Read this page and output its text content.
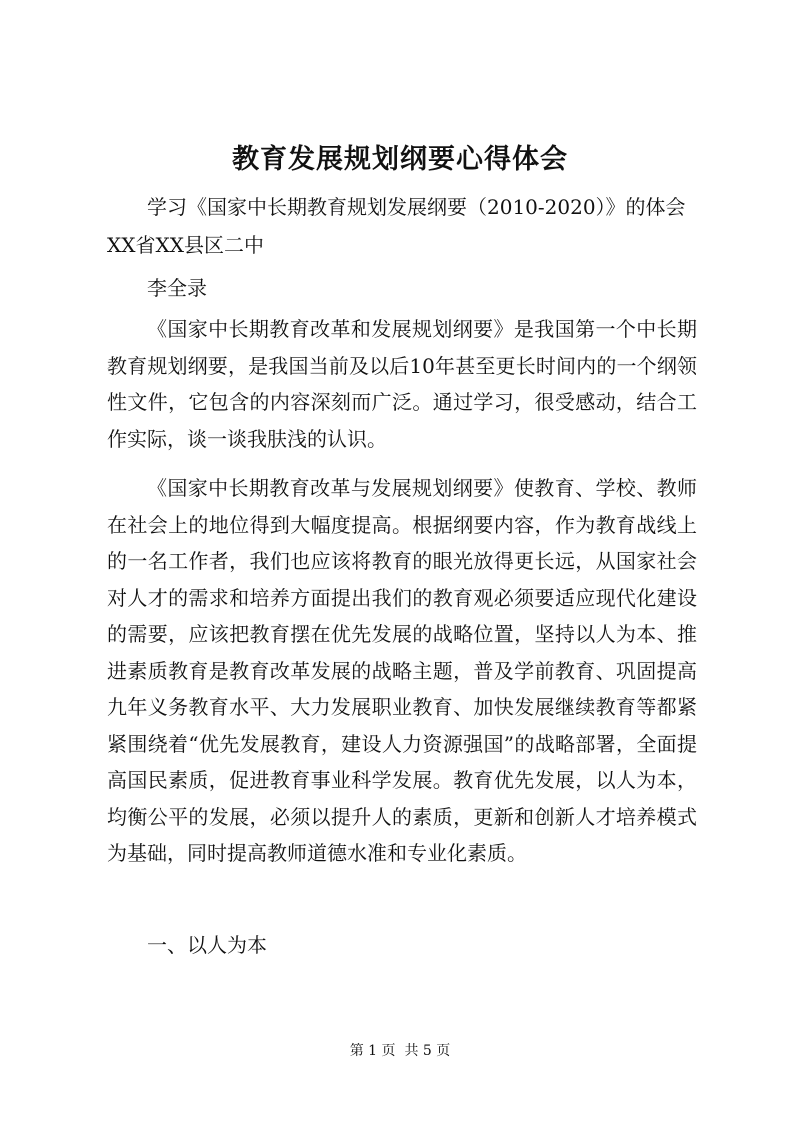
教育发展规划纲要心得体会
学习《国家中长期教育规划发展纲要（2010-2020）》的体会
XX省XX县区二中
李全录
《国家中长期教育改革和发展规划纲要》是我国第一个中长期教育规划纲要，是我国当前及以后10年甚至更长时间内的一个纲领性文件，它包含的内容深刻而广泛。通过学习，很受感动，结合工作实际，谈一谈我肤浅的认识。
《国家中长期教育改革与发展规划纲要》使教育、学校、教师在社会上的地位得到大幅度提高。根据纲要内容，作为教育战线上的一名工作者，我们也应该将教育的眼光放得更长远，从国家社会对人才的需求和培养方面提出我们的教育观必须要适应现代化建设的需要，应该把教育摆在优先发展的战略位置，坚持以人为本、推进素质教育是教育改革发展的战略主题，普及学前教育、巩固提高九年义务教育水平、大力发展职业教育、加快发展继续教育等都紧紧围绕着“优先发展教育，建设人力资源强国”的战略部署，全面提高国民素质，促进教育事业科学发展。教育优先发展，以人为本，均衡公平的发展，必须以提升人的素质，更新和创新人才培养模式为基础，同时提高教师道德水准和专业化素质。
一、以人为本
第 1 页  共 5 页
